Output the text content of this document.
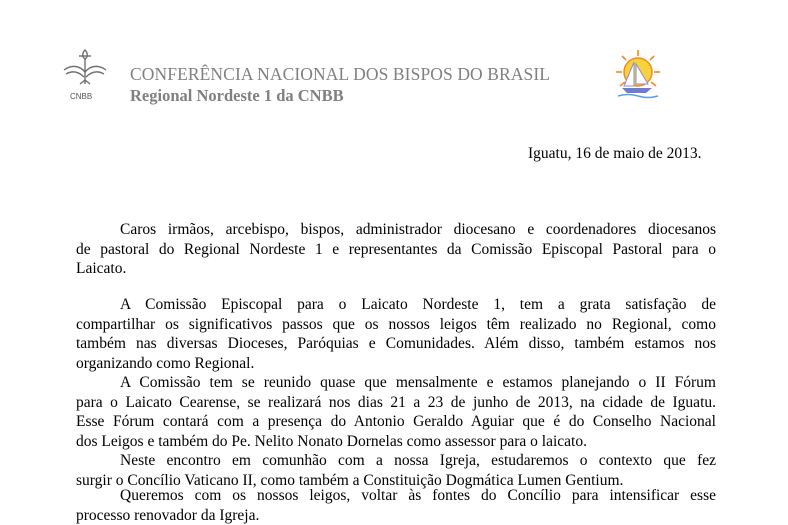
CNBB
CONFERÊNCIA NACIONAL DOS BISPOS DO BRASIL
Regional Nordeste 1 da CNBB
Iguatu, 16 de maio de 2013.
Caros irmãos, arcebispo, bispos, administrador diocesano e coordenadores diocesanos
de pastoral do Regional Nordeste 1 e representantes da Comissão Episcopal Pastoral para o
Laicato.
A Comissão Episcopal para o Laicato Nordeste 1, tem a grata satisfação de
compartilhar os significativos passos que os nossos leigos têm realizado no Regional, como
também nas diversas Dioceses, Paróquias e Comunidades. Além disso, também estamos nos
organizando como Regional.
A Comissão tem se reunido quase que mensalmente e estamos planejando o II Fórum
para o Laicato Cearense, se realizará nos dias 21 a 23 de junho de 2013, na cidade de Iguatu.
Esse Fórum contará com a presença do Antonio Geraldo Aguiar que é do Conselho Nacional
dos Leigos e também do Pe. Nelito Nonato Dornelas como assessor para o laicato.
Neste encontro em comunhão com a nossa Igreja, estudaremos o contexto que fez
surgir o Concílio Vaticano II, como também a Constituição Dogmática Lumen Gentium.
Queremos com os nossos leigos, voltar às fontes do Concílio para intensificar esse
processo renovador da Igreja.
